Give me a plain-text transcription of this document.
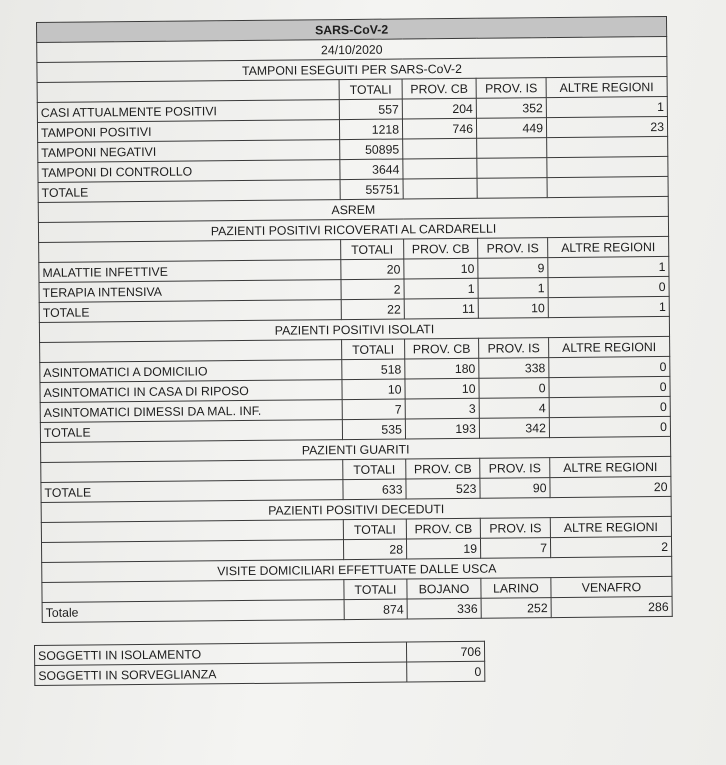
SARS-CoV-2				
24/10/2020				
TAMPONI ESEGUITI PER SARS-CoV-2				
	TOTALI	PROV. CB	PROV. IS	ALTRE REGIONI
CASI ATTUALMENTE POSITIVI	557	204	352	1
TAMPONI POSITIVI	1218	746	449	23
TAMPONI NEGATIVI	50895			
TAMPONI DI CONTROLLO	3644			
TOTALE	55751			
ASREM				
PAZIENTI POSITIVI RICOVERATI AL CARDARELLI				
	TOTALI	PROV. CB	PROV. IS	ALTRE REGIONI
MALATTIE INFETTIVE	20	10	9	1
TERAPIA INTENSIVA	2	1	1	0
TOTALE	22	11	10	1
PAZIENTI POSITIVI ISOLATI				
	TOTALI	PROV. CB	PROV. IS	ALTRE REGIONI
ASINTOMATICI A DOMICILIO	518	180	338	0
ASINTOMATICI IN CASA DI RIPOSO	10	10	0	0
ASINTOMATICI DIMESSI DA MAL. INF.	7	3	4	0
TOTALE	535	193	342	0
PAZIENTI GUARITI				
	TOTALI	PROV. CB	PROV. IS	ALTRE REGIONI
TOTALE	633	523	90	20
PAZIENTI POSITIVI DECEDUTI				
	TOTALI	PROV. CB	PROV. IS	ALTRE REGIONI
	28	19	7	2
VISITE DOMICILIARI EFFETTUATE DALLE USCA				
	TOTALI	BOJANO	LARINO	VENAFRO
Totale	874	336	252	286
SOGGETTI IN ISOLAMENTO	706
SOGGETTI IN SORVEGLIANZA	0
